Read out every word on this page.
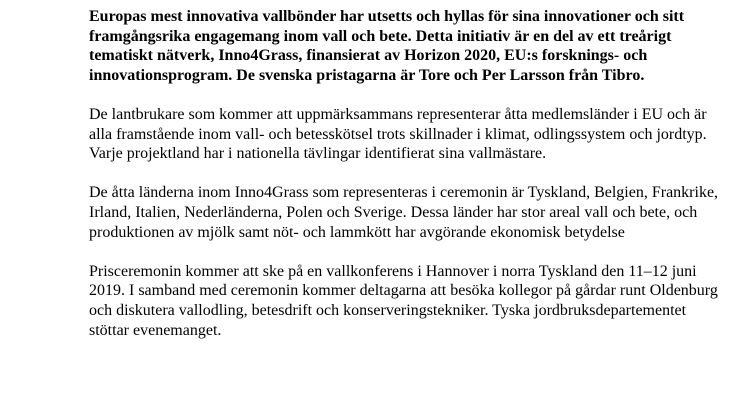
Europas mest innovativa vallbönder har utsetts och hyllas för sina innovationer och sitt framgångsrika engagemang inom vall och bete. Detta initiativ är en del av ett treårigt tematiskt nätverk, Inno4Grass, finansierat av Horizon 2020, EU:s forsknings- och innovationsprogram. De svenska pristagarna är Tore och Per Larsson från Tibro.

De lantbrukare som kommer att uppmärksammans representerar åtta medlemsländer i EU och är alla framstående inom vall- och betesskötsel trots skillnader i klimat, odlingssystem och jordtyp. Varje projektland har i nationella tävlingar identifierat sina vallmästare.

De åtta länderna inom Inno4Grass som representeras i ceremonin är Tyskland, Belgien, Frankrike, Irland, Italien, Nederländerna, Polen och Sverige. Dessa länder har stor areal vall och bete, och produktionen av mjölk samt nöt- och lammkött har avgörande ekonomisk betydelse

Prisceremonin kommer att ske på en vallkonferens i Hannover i norra Tyskland den 11–12 juni 2019. I samband med ceremonin kommer deltagarna att besöka kollegor på gårdar runt Oldenburg och diskutera vallodling, betesdrift och konserveringstekniker. Tyska jordbruksdepartementet stöttar evenemanget.
